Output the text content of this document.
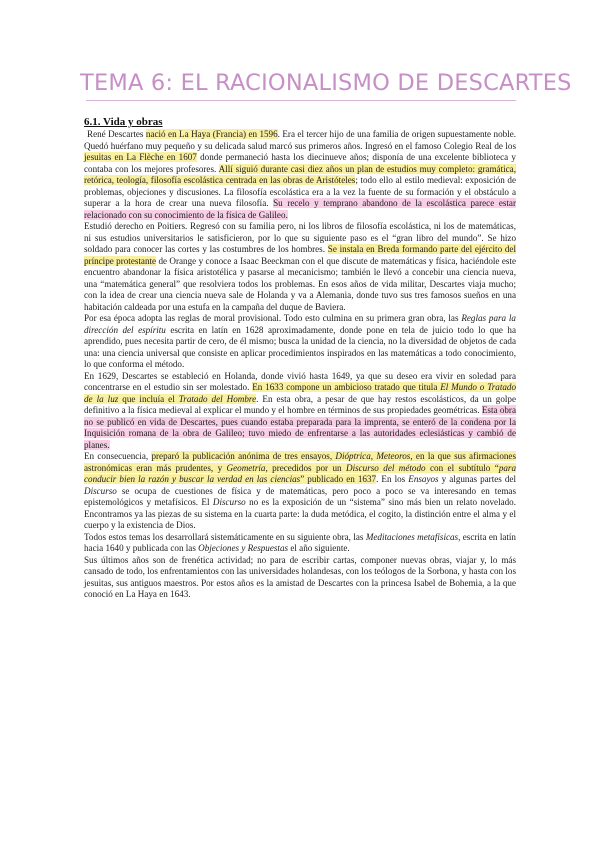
TEMA 6: EL RACIONALISMO DE DESCARTES
6.1. Vida y obras

René Descartes nació en La Haya (Francia) en 1596. Era el tercer hijo de una familia de origen supuestamente noble. Quedó huérfano muy pequeño y su delicada salud marcó sus primeros años. Ingresó en el famoso Colegio Real de los jesuitas en La Flèche en 1607 donde permaneció hasta los diecinueve años; disponía de una excelente biblioteca y contaba con los mejores profesores. Allí siguió durante casi diez años un plan de estudios muy completo: gramática, retórica, teología, filosofía escolástica centrada en las obras de Aristóteles; todo ello al estilo medieval: exposición de problemas, objeciones y discusiones. La filosofía escolástica era a la vez la fuente de su formación y el obstáculo a superar a la hora de crear una nueva filosofía. Su recelo y temprano abandono de la escolástica parece estar relacionado con su conocimiento de la física de Galileo.

Estudió derecho en Poitiers. Regresó con su familia pero, ni los libros de filosofía escolástica, ni los de matemáticas, ni sus estudios universitarios le satisficieron, por lo que su siguiente paso es el “gran libro del mundo”. Se hizo soldado para conocer las cortes y las costumbres de los hombres. Se instala en Breda formando parte del ejército del príncipe protestante de Orange y conoce a Isaac Beeckman con el que discute de matemáticas y física, haciéndole este encuentro abandonar la física aristotélica y pasarse al mecanicismo; también le llevó a concebir una ciencia nueva, una “matemática general” que resolviera todos los problemas. En esos años de vida militar, Descartes viaja mucho; con la idea de crear una ciencia nueva sale de Holanda y va a Alemania, donde tuvo sus tres famosos sueños en una habitación caldeada por una estufa en la campaña del duque de Baviera.

Por esa época adopta las reglas de moral provisional. Todo esto culmina en su primera gran obra, las Reglas para la dirección del espíritu escrita en latín en 1628 aproximadamente, donde pone en tela de juicio todo lo que ha aprendido, pues necesita partir de cero, de él mismo; busca la unidad de la ciencia, no la diversidad de objetos de cada una: una ciencia universal que consiste en aplicar procedimientos inspirados en las matemáticas a todo conocimiento, lo que conforma el método.

En 1629, Descartes se estableció en Holanda, donde vivió hasta 1649, ya que su deseo era vivir en soledad para concentrarse en el estudio sin ser molestado. En 1633 compone un ambicioso tratado que titula El Mundo o Tratado de la luz que incluía el Tratado del Hombre. En esta obra, a pesar de que hay restos escolásticos, da un golpe definitivo a la física medieval al explicar el mundo y el hombre en términos de sus propiedades geométricas. Esta obra no se publicó en vida de Descartes, pues cuando estaba preparada para la imprenta, se enteró de la condena por la Inquisición romana de la obra de Galileo; tuvo miedo de enfrentarse a las autoridades eclesiásticas y cambió de planes.

En consecuencia, preparó la publicación anónima de tres ensayos, Dióptrica, Meteoros, en la que sus afirmaciones astronómicas eran más prudentes, y Geometría, precedidos por un Discurso del método con el subtítulo “para conducir bien la razón y buscar la verdad en las ciencias” publicado en 1637. En los Ensayos y algunas partes del Discurso se ocupa de cuestiones de física y de matemáticas, pero poco a poco se va interesando en temas epistemológicos y metafísicos. El Discurso no es la exposición de un “sistema” sino más bien un relato novelado. Encontramos ya las piezas de su sistema en la cuarta parte: la duda metódica, el cogito, la distinción entre el alma y el cuerpo y la existencia de Dios.

Todos estos temas los desarrollará sistemáticamente en su siguiente obra, las Meditaciones metafísicas, escrita en latín hacia 1640 y publicada con las Objeciones y Respuestas el año siguiente.

Sus últimos años son de frenética actividad; no para de escribir cartas, componer nuevas obras, viajar y, lo más cansado de todo, los enfrentamientos con las universidades holandesas, con los teólogos de la Sorbona, y hasta con los jesuitas, sus antiguos maestros. Por estos años es la amistad de Descartes con la princesa Isabel de Bohemia, a la que conoció en La Haya en 1643.
